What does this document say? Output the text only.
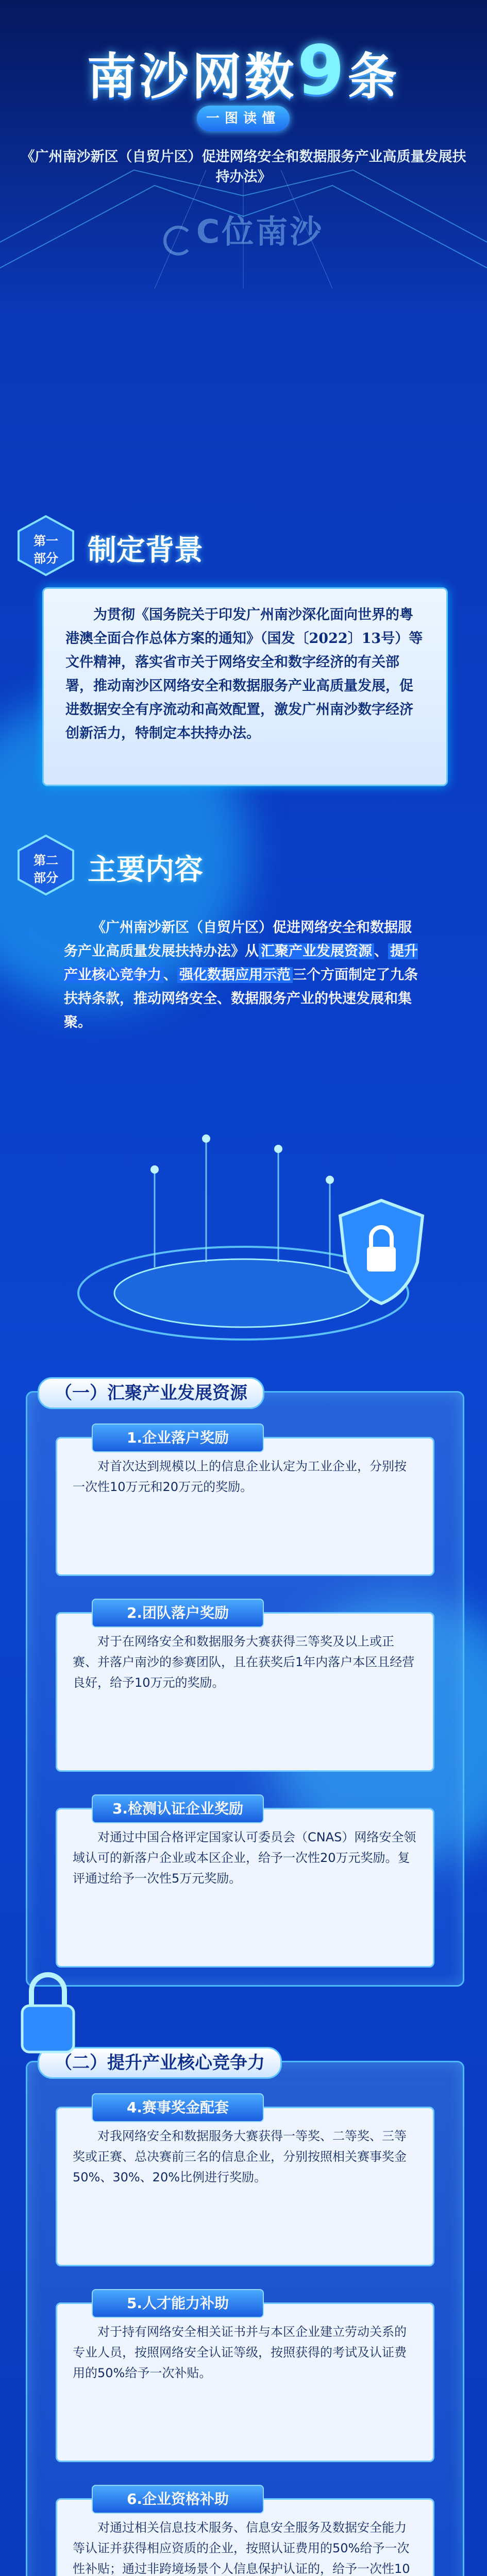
南沙网数9条
一图读懂
《广州南沙新区（自贸片区）促进网络安全和数据服务产业高质量发展扶持办法》
C位南沙
第一
部分	制定背景
为贯彻《国务院关于印发广州南沙深化面向世界的粤港澳全面合作总体方案的通知》（国发〔2022〕13号）等文件精神，落实省市关于网络安全和数字经济的有关部署，推动南沙区网络安全和数据服务产业高质量发展，促进数据安全有序流动和高效配置，激发广州南沙数字经济创新活力，特制定本扶持办法。
第二
部分	主要内容
《广州南沙新区（自贸片区）促进网络安全和数据服务产业高质量发展扶持办法》从 汇聚产业发展资源 、 提升产业核心竞争力 、 强化数据应用示范 三个方面制定了九条扶持条款，推动网络安全、数据服务产业的快速发展和集聚。
（一）汇聚产业发展资源
对首次达到规模以上的信息企业认定为工业企业，分别按一次性10万元和20万元的奖励。
1.企业落户奖励
对于在网络安全和数据服务大赛获得三等奖及以上或正赛、并落户南沙的参赛团队，且在获奖后1年内落户本区且经营良好，给予10万元的奖励。
2.团队落户奖励
对通过中国合格评定国家认可委员会（CNAS）网络安全领域认可的新落户企业或本区企业，给予一次性20万元奖励。复评通过给予一次性5万元奖励。
3.检测认证企业奖励
（二）提升产业核心竞争力
对我网络安全和数据服务大赛获得一等奖、二等奖、三等奖或正赛、总决赛前三名的信息企业，分别按照相关赛事奖金50%、30%、20%比例进行奖励。
4.赛事奖金配套
对于持有网络安全相关证书并与本区企业建立劳动关系的专业人员，按照网络安全认证等级，按照获得的考试及认证费用的50%给予一次补贴。
5.人才能力补助
对通过相关信息技术服务、信息安全服务及数据安全能力等认证并获得相应资质的企业，按照认证费用的50%给予一次性补贴；通过非跨境场景个人信息保护认证的，给予一次性10
6.企业资格补助
